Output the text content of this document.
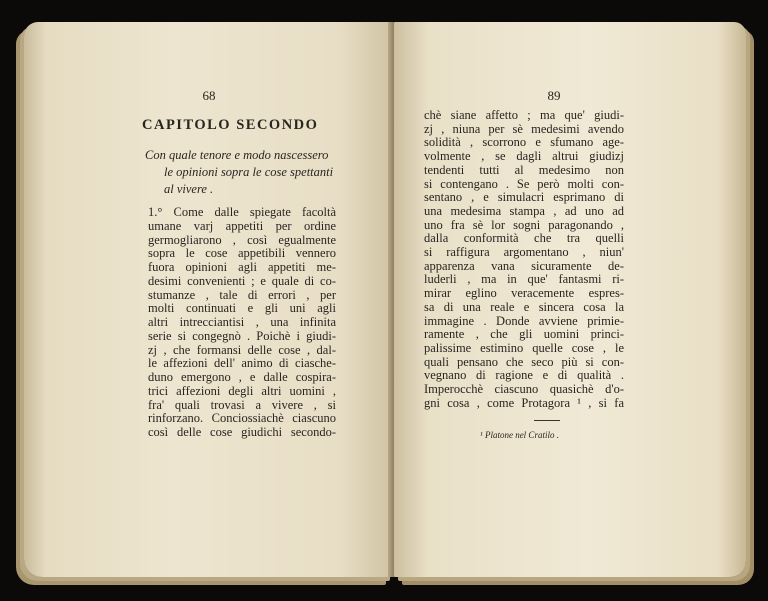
68
CAPITOLO SECONDO
Con quale tenore e modo nascessero
le opinioni sopra le cose spettanti
al vivere .
1.° Come dalle spiegate facoltà
umane varj appetiti per ordine
germogliarono , così egualmente
sopra le cose appetibili vennero
fuora opinioni agli appetiti me-
desimi convenienti ; e quale di co-
stumanze , tale di errori , per
molti continuati e gli uni agli
altri intrecciantisi , una infinita
serie si congegnò . Poichè i giudi-
zj , che formansi delle cose , dal-
le affezioni dell' animo di ciasche-
duno emergono , e dalle cospira-
trici affezioni degli altri uomini ,
fra' quali trovasi a vivere , si
rinforzano. Conciossiachè ciascuno
così delle cose giudichi secondo-
89
chè siane affetto ; ma que' giudi-
zj , niuna per sè medesimi avendo
solidità , scorrono e sfumano age-
volmente , se dagli altrui giudizj
tendenti tutti al medesimo non
si contengano . Se però molti con-
sentano , e simulacri esprimano di
una medesima stampa , ad uno ad
uno fra sè lor sogni paragonando ,
dalla conformità che tra quelli
si raffigura argomentano , niun'
apparenza vana sicuramente de-
luderli , ma in que' fantasmi ri-
mirar eglino veracemente espres-
sa di una reale e sincera cosa la
immagine . Donde avviene primie-
ramente , che gli uomini princi-
palissime estimino quelle cose , le
quali pensano che seco più si con-
vegnano di ragione e di qualità .
Imperocchè ciascuno quasichè d'o-
gni cosa , come Protagora ¹ , si fa
¹ Platone nel Cratilo .
